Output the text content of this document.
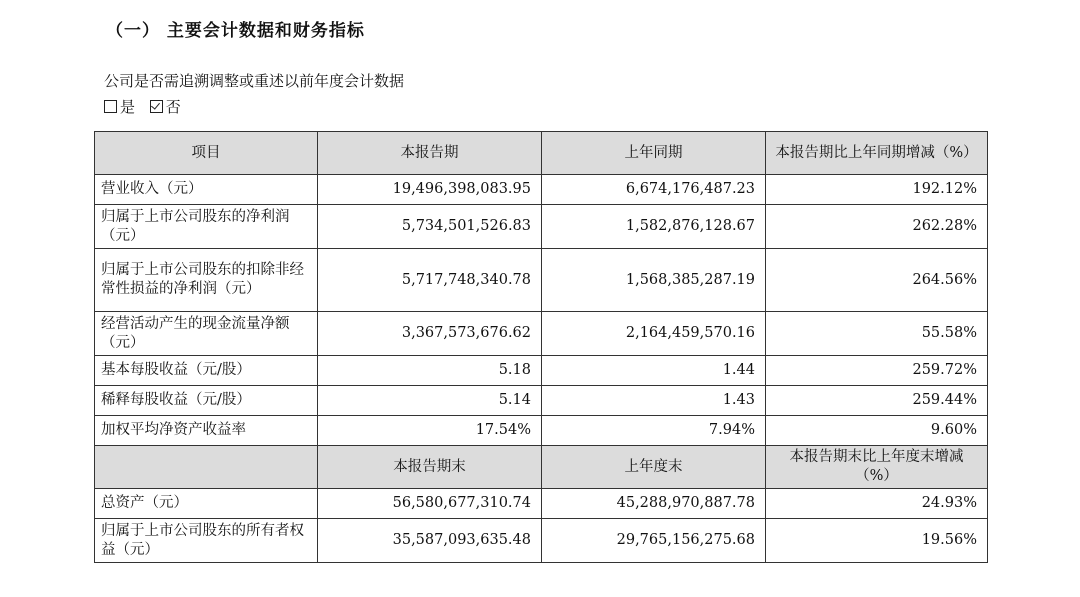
（一） 主要会计数据和财务指标
公司是否需追溯调整或重述以前年度会计数据
是 否
项目	本报告期	上年同期	本报告期比上年同期增减（%）
营业收入（元）	19,496,398,083.95	6,674,176,487.23	192.12%
归属于上市公司股东的净利润（元）	5,734,501,526.83	1,582,876,128.67	262.28%
归属于上市公司股东的扣除非经常性损益的净利润（元）	5,717,748,340.78	1,568,385,287.19	264.56%
经营活动产生的现金流量净额（元）	3,367,573,676.62	2,164,459,570.16	55.58%
基本每股收益（元/股）	5.18	1.44	259.72%
稀释每股收益（元/股）	5.14	1.43	259.44%
加权平均净资产收益率	17.54%	7.94%	9.60%
	本报告期末	上年度末	本报告期末比上年度末增减（%）
总资产（元）	56,580,677,310.74	45,288,970,887.78	24.93%
归属于上市公司股东的所有者权益（元）	35,587,093,635.48	29,765,156,275.68	19.56%
